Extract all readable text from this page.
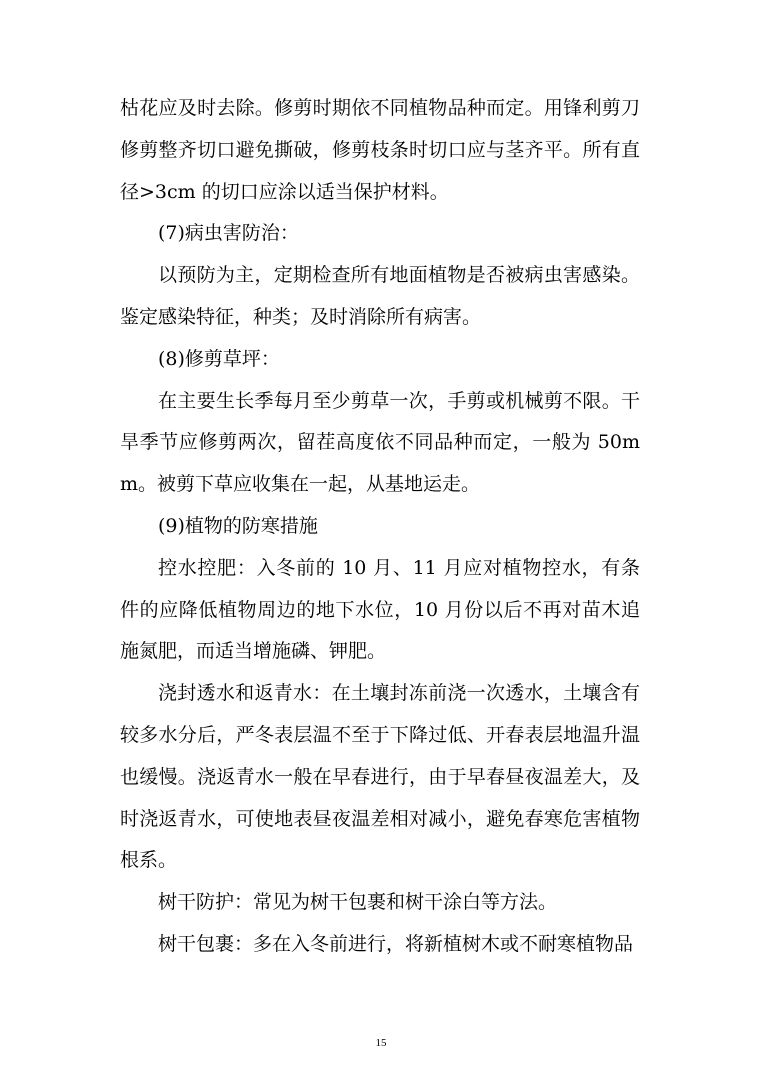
枯花应及时去除。修剪时期依不同植物品种而定。用锋利剪刀修剪整齐切口避免撕破，修剪枝条时切口应与茎齐平。所有直径>3cm 的切口应涂以适当保护材料。

(7)病虫害防治：

以预防为主，定期检查所有地面植物是否被病虫害感染。鉴定感染特征，种类；及时消除所有病害。

(8)修剪草坪：

在主要生长季每月至少剪草一次，手剪或机械剪不限。干旱季节应修剪两次，留茬高度依不同品种而定，一般为 50mm。被剪下草应收集在一起，从基地运走。

(9)植物的防寒措施

控水控肥：入冬前的 10 月、11 月应对植物控水，有条件的应降低植物周边的地下水位，10 月份以后不再对苗木追施氮肥，而适当增施磷、钾肥。

浇封透水和返青水：在土壤封冻前浇一次透水，土壤含有较多水分后，严冬表层温不至于下降过低、开春表层地温升温也缓慢。浇返青水一般在早春进行，由于早春昼夜温差大，及时浇返青水，可使地表昼夜温差相对减小，避免春寒危害植物根系。

树干防护：常见为树干包裹和树干涂白等方法。

树干包裹：多在入冬前进行，将新植树木或不耐寒植物品

15
